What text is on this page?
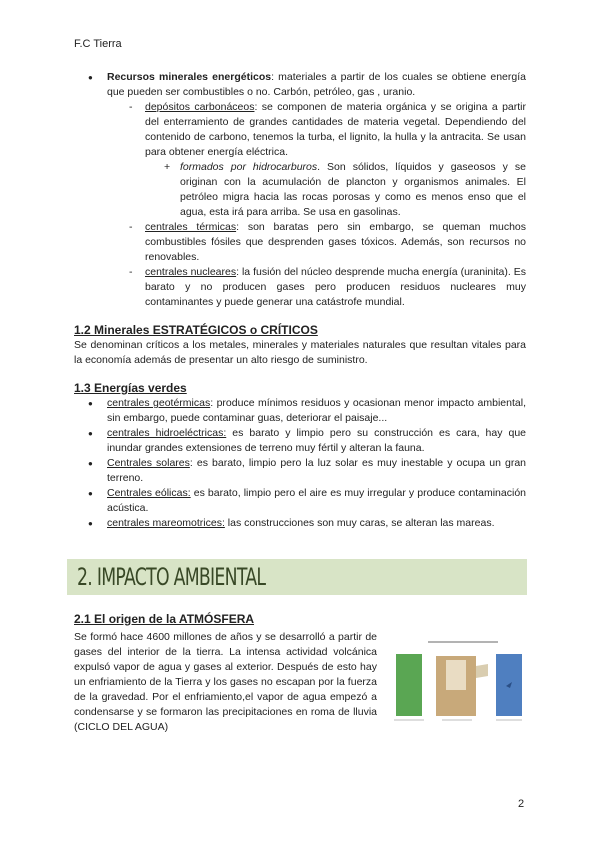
F.C Tierra
● Recursos minerales energéticos: materiales a partir de los cuales se obtiene energía que pueden ser combustibles o no. Carbón, petróleo, gas , uranio.
- depósitos carbonáceos: se componen de materia orgánica y se origina a partir del enterramiento de grandes cantidades de materia vegetal. Dependiendo del contenido de carbono, tenemos la turba, el lignito, la hulla y la antracita. Se usan para obtener energía eléctrica.
+ formados por hidrocarburos. Son sólidos, líquidos y gaseosos y se originan con la acumulación de plancton y organismos animales. El petróleo migra hacia las rocas porosas y como es menos enso que el agua, esta irá para arriba. Se usa en gasolinas.
- centrales térmicas: son baratas pero sin embargo, se queman muchos combustibles fósiles que desprenden gases tóxicos. Además, son recursos no renovables.
- centrales nucleares: la fusión del núcleo desprende mucha energía (uraninita). Es barato y no producen gases pero producen residuos nucleares muy contaminantes y puede generar una catástrofe mundial.
1.2 Minerales ESTRATÉGICOS o CRÍTICOS
Se denominan críticos a los metales, minerales y materiales naturales que resultan vitales para la economía además de presentar un alto riesgo de suministro.
1.3 Energías verdes
● centrales geotérmicas: produce mínimos residuos y ocasionan menor impacto ambiental, sin embargo, puede contaminar guas, deteriorar el paisaje...
● centrales hidroeléctricas: es barato y limpio pero su construcción es cara, hay que inundar grandes extensiones de terreno muy fértil y alteran la fauna.
● Centrales solares: es barato, limpio pero la luz solar es muy inestable y ocupa un gran terreno.
● Centrales eólicas: es barato, limpio pero el aire es muy irregular y produce contaminación acústica.
● centrales mareomotrices: las construcciones son muy caras, se alteran las mareas.
2. IMPACTO AMBIENTAL
2.1 El origen de la ATMÓSFERA
Se formó hace 4600 millones de años y se desarrolló a partir de gases del interior de la tierra. La intensa actividad volcánica expulsó vapor de agua y gases al exterior. Después de esto hay un enfriamiento de la Tierra y los gases no escapan por la fuerza de la gravedad. Por el enfriamiento,el vapor de agua empezó a condensarse y se formaron las precipitaciones en roma de lluvia (CICLO DEL AGUA)
2
